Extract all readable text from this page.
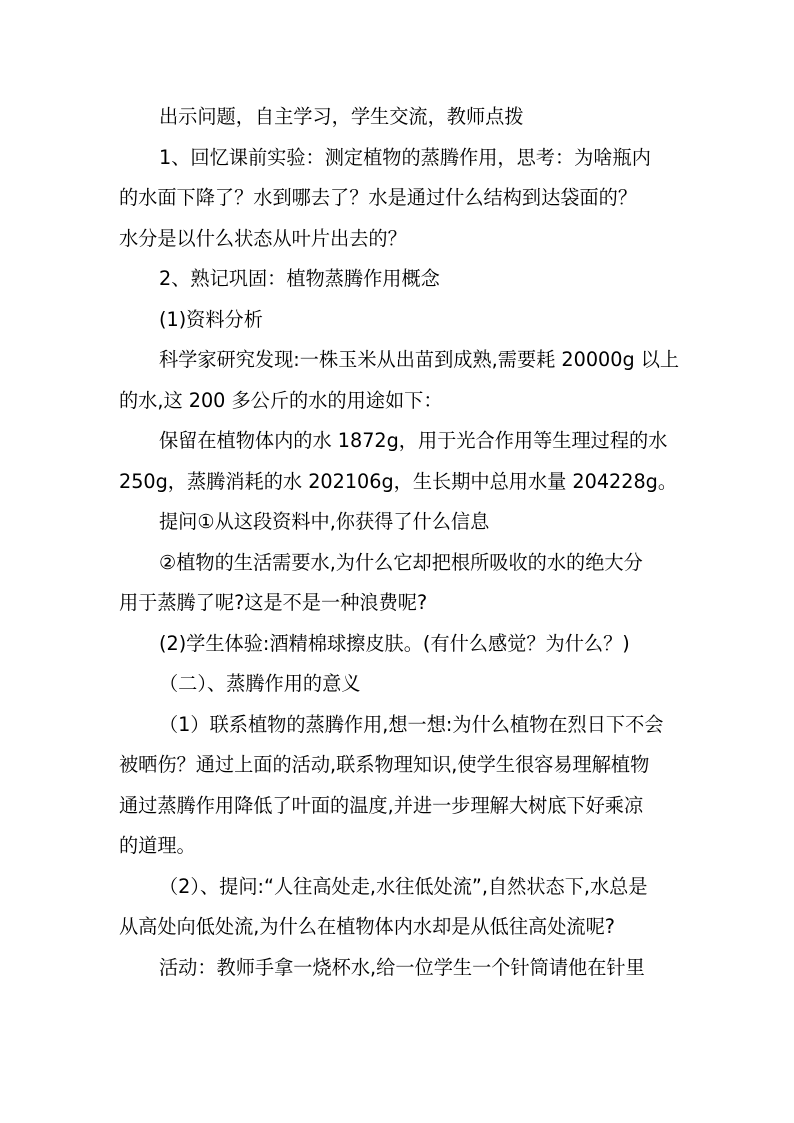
出示问题，自主学习，学生交流，教师点拨

1、回忆课前实验：测定植物的蒸腾作用，思考：为啥瓶内

的水面下降了？水到哪去了？水是通过什么结构到达袋面的？

水分是以什么状态从叶片出去的？

2、熟记巩固：植物蒸腾作用概念

(1)资料分析

科学家研究发现:一株玉米从出苗到成熟,需要耗 20000g 以上

的水,这 200 多公斤的水的用途如下：

保留在植物体内的水 1872g，用于光合作用等生理过程的水

250g，蒸腾消耗的水 202106g，生长期中总用水量 204228g。

提问①从这段资料中,你获得了什么信息

②植物的生活需要水,为什么它却把根所吸收的水的绝大分

用于蒸腾了呢?这是不是一种浪费呢?

(2)学生体验:酒精棉球擦皮肤。(有什么感觉？为什么？)

（二）、蒸腾作用的意义

（1）联系植物的蒸腾作用,想一想:为什么植物在烈日下不会

被晒伤？通过上面的活动,联系物理知识,使学生很容易理解植物

通过蒸腾作用降低了叶面的温度,并进一步理解大树底下好乘凉

的道理。

（2）、提问:“人往高处走,水往低处流”,自然状态下,水总是

从高处向低处流,为什么在植物体内水却是从低往高处流呢?

活动：教师手拿一烧杯水,给一位学生一个针筒请他在针里
